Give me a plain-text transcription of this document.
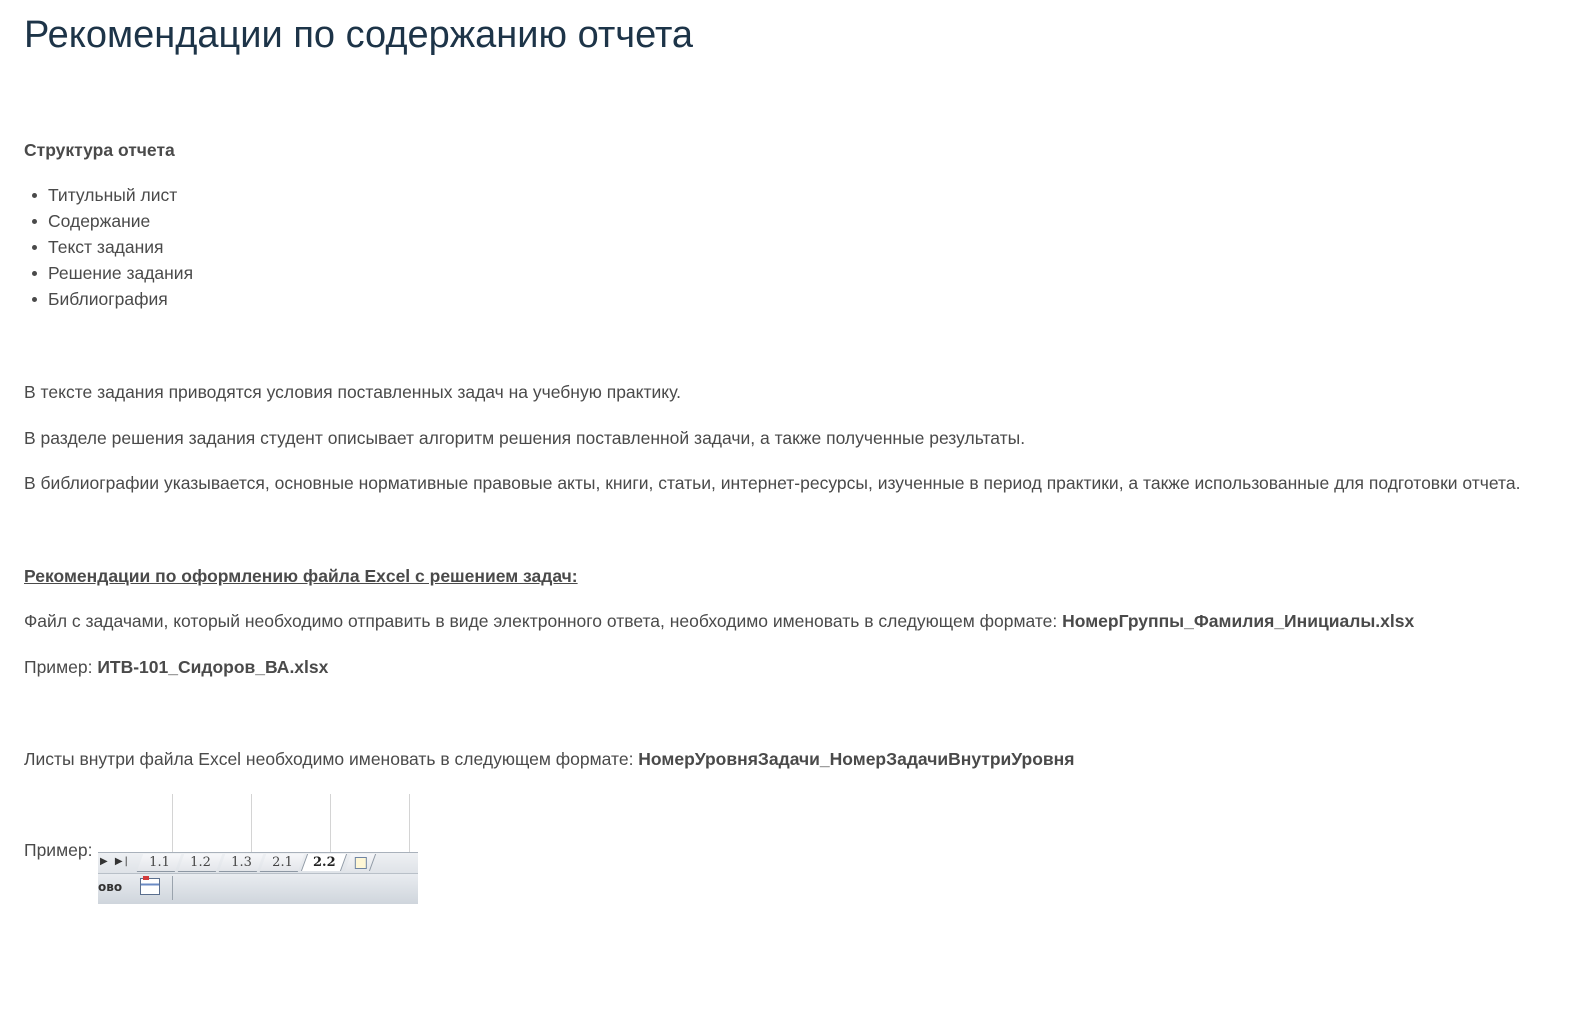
Рекомендации по содержанию отчета

Структура отчета

Титульный лист
Содержание
Текст задания
Решение задания
Библиография

В тексте задания приводятся условия поставленных задач на учебную практику.

В разделе решения задания студент описывает алгоритм решения поставленной задачи, а также полученные результаты.

В библиографии указывается, основные нормативные правовые акты, книги, статьи, интернет-ресурсы, изученные в период практики, а также использованные для подготовки отчета.

Рекомендации по оформлению файла Excel с решением задач:

Файл с задачами, который необходимо отправить в виде электронного ответа, необходимо именовать в следующем формате: НомерГруппы_Фамилия_Инициалы.xlsx

Пример: ИТВ-101_Сидоров_ВА.xlsx

Листы внутри файла Excel необходимо именовать в следующем формате: НомерУровняЗадачи_НомерЗадачиВнутриУровня

Пример:

▶ ▶|	1.1	1.2	1.3	2.1	2.2
ово
